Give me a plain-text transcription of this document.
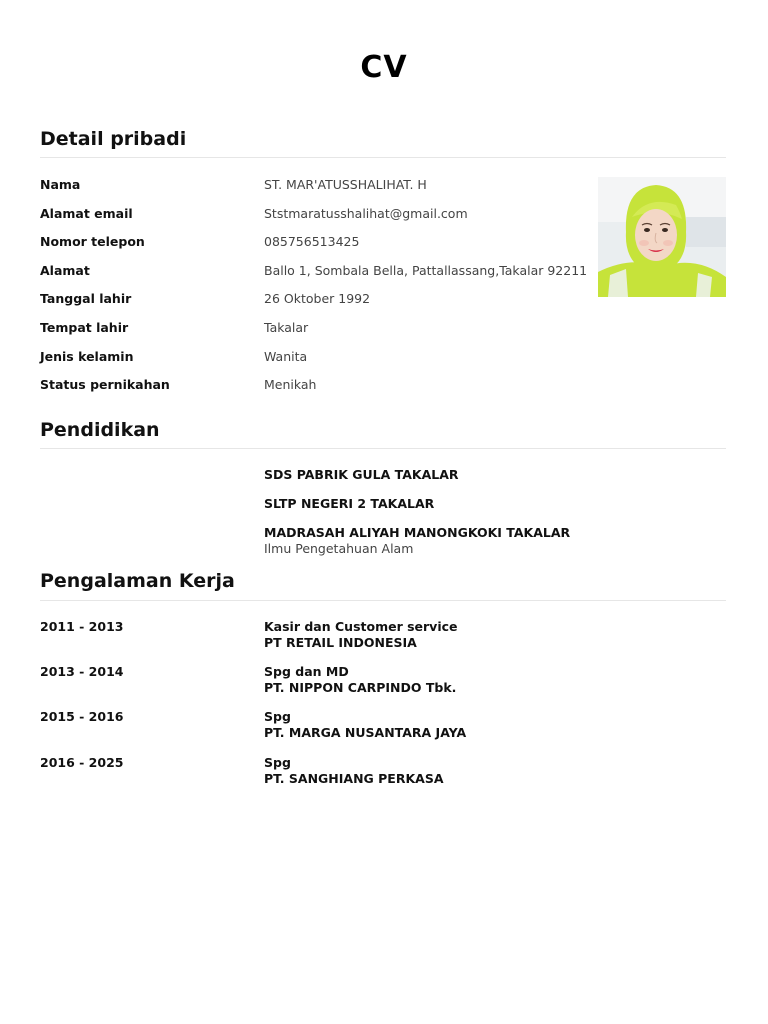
CV
Detail pribadi
Nama	ST. MAR'ATUSSHALIHAT. H
Alamat email	Ststmaratusshalihat@gmail.com
Nomor telepon	085756513425
Alamat	Ballo 1, Sombala Bella, Pattallassang,Takalar 92211
Tanggal lahir	26 Oktober 1992
Tempat lahir	Takalar
Jenis kelamin	Wanita
Status pernikahan	Menikah
Pendidikan
SDS PABRIK GULA TAKALAR
SLTP NEGERI 2 TAKALAR
MADRASAH ALIYAH MANONGKOKI TAKALAR
Ilmu Pengetahuan Alam
Pengalaman Kerja
2011 - 2013	Kasir dan Customer service
PT RETAIL INDONESIA
2013 - 2014	Spg dan MD
PT. NIPPON CARPINDO Tbk.
2015 - 2016	Spg
PT. MARGA NUSANTARA JAYA
2016 - 2025	Spg
PT. SANGHIANG PERKASA
